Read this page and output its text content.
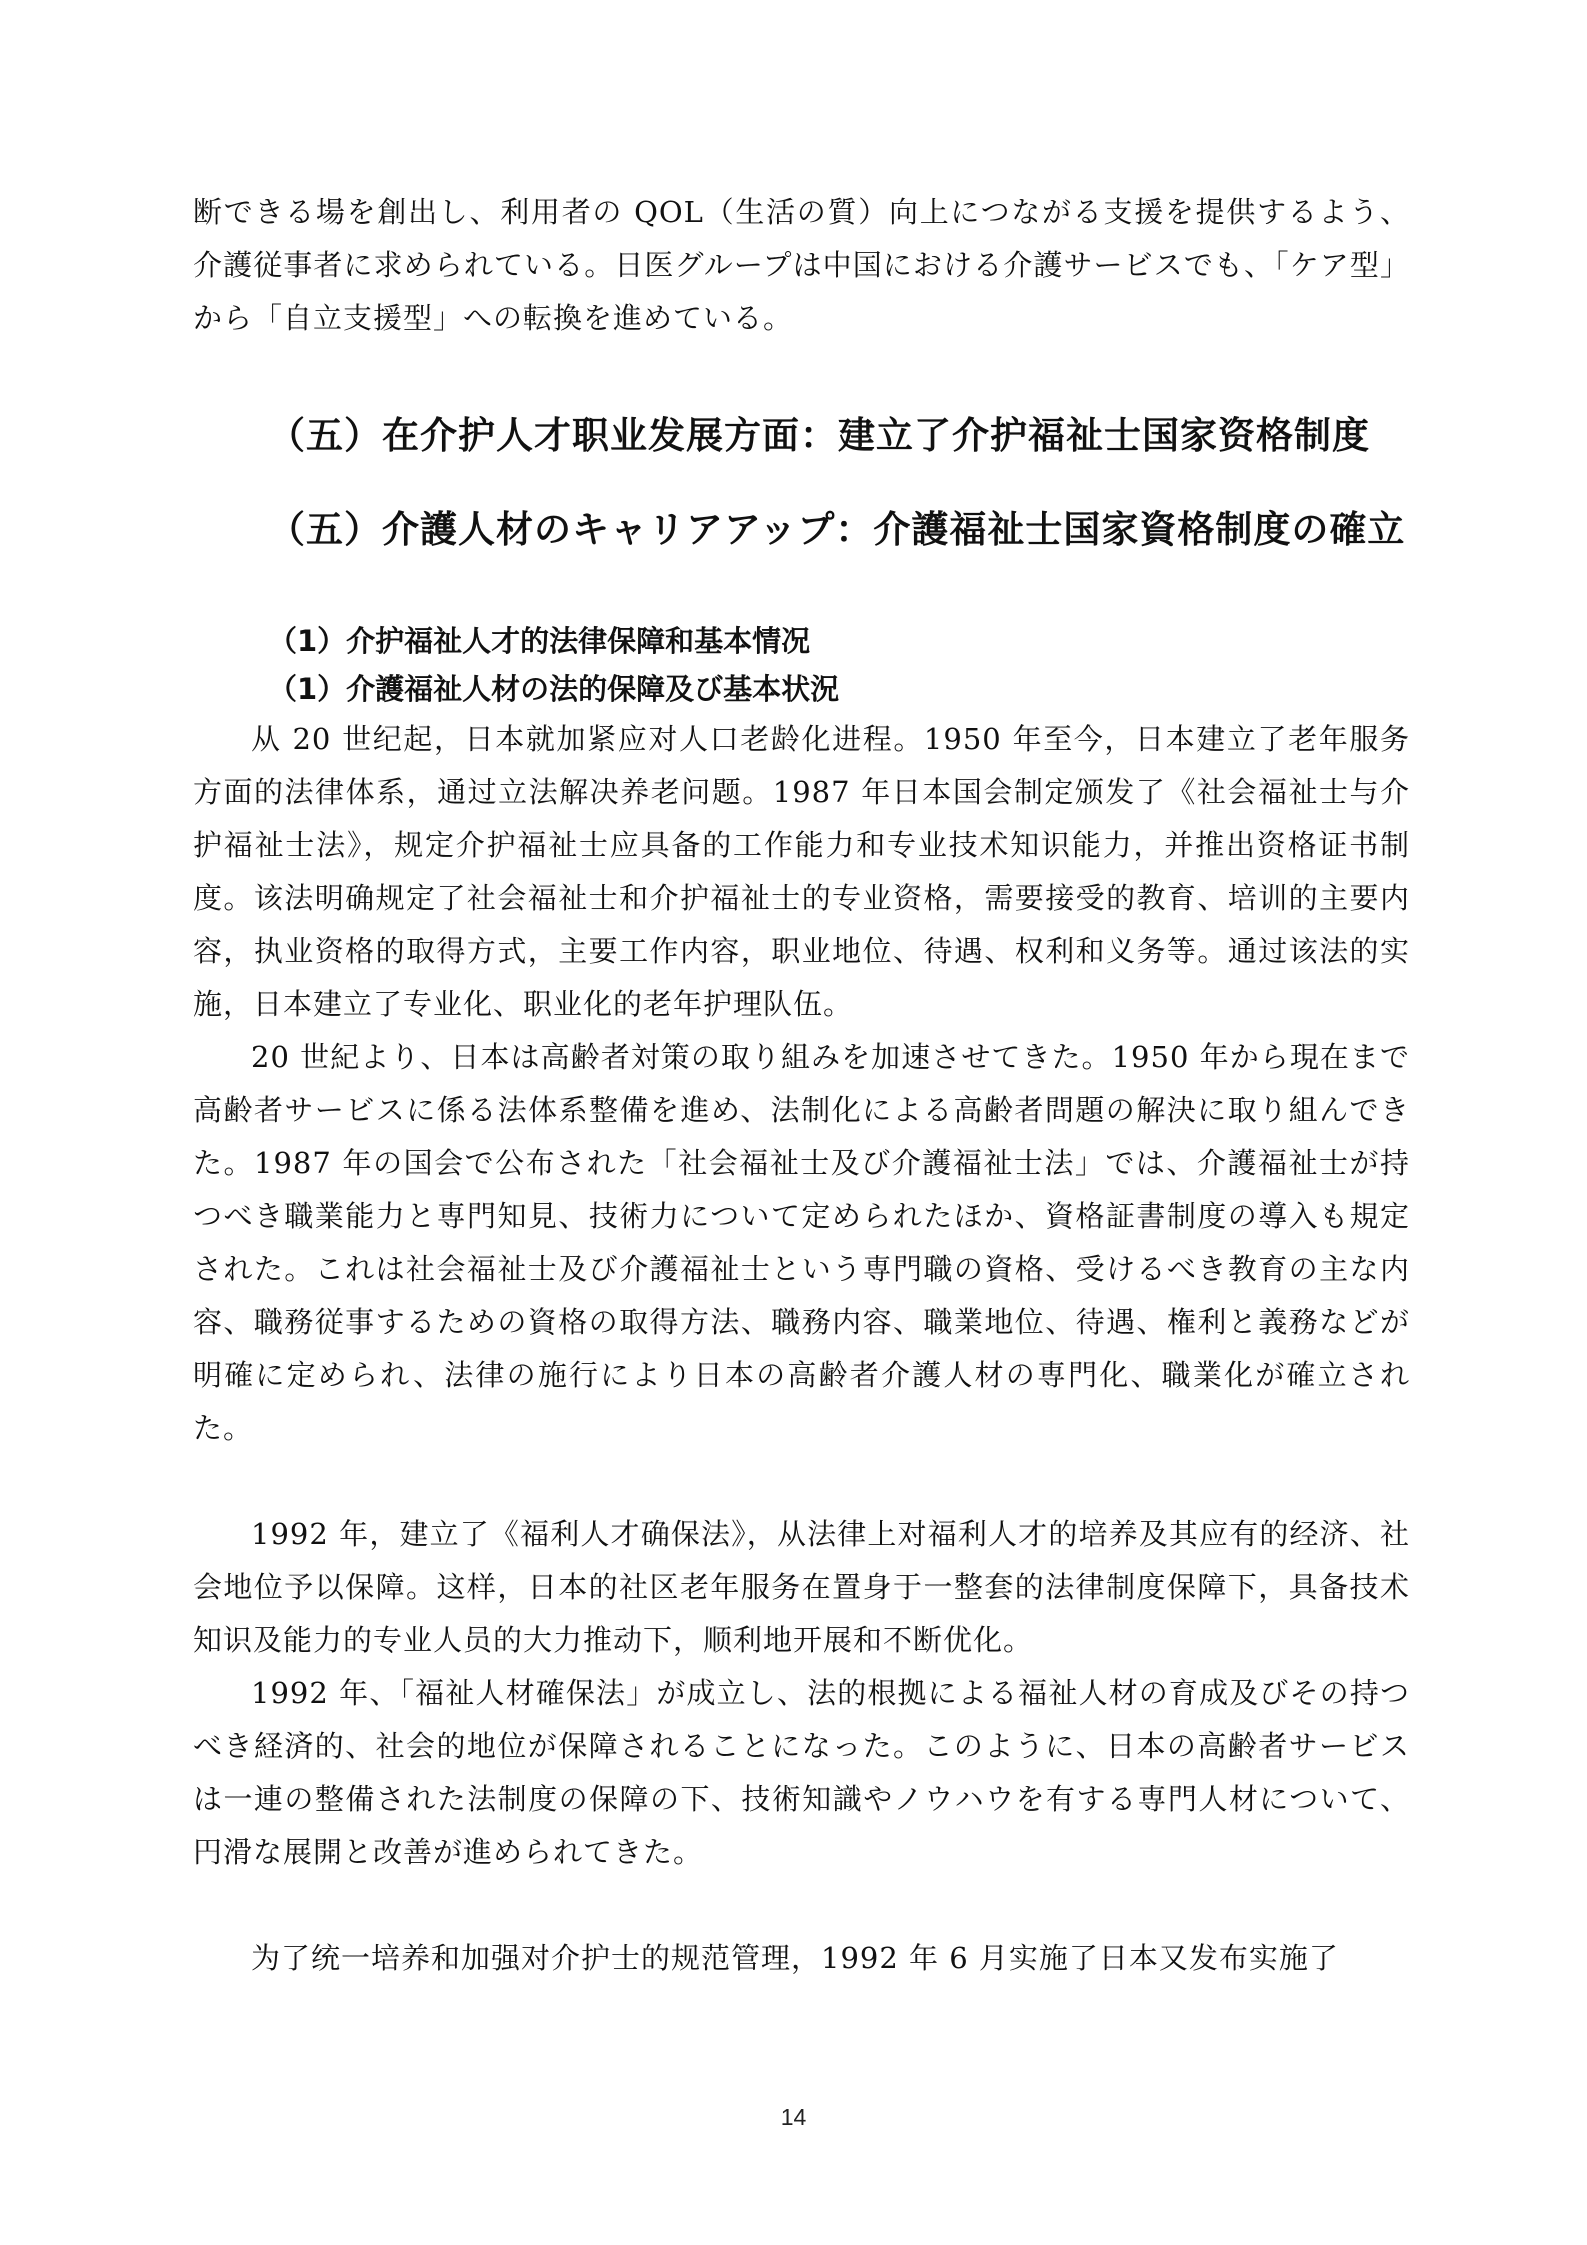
断できる場を創出し、利用者の QOL（生活の質）向上につながる支援を提供するよう、介護従事者に求められている。日医グループは中国における介護サービスでも、「ケア型」から「自立支援型」への転換を進めている。

（五）在介护人才职业发展方面：建立了介护福祉士国家资格制度
（五）介護人材のキャリアアップ：介護福祉士国家資格制度の確立
（1）介护福祉人才的法律保障和基本情况
（1）介護福祉人材の法的保障及び基本状況

从 20 世纪起，日本就加紧应对人口老龄化进程。1950 年至今，日本建立了老年服务方面的法律体系，通过立法解决养老问题。1987 年日本国会制定颁发了《社会福祉士与介护福祉士法》，规定介护福祉士应具备的工作能力和专业技术知识能力，并推出资格证书制度。该法明确规定了社会福祉士和介护福祉士的专业资格，需要接受的教育、培训的主要内容，执业资格的取得方式，主要工作内容，职业地位、待遇、权利和义务等。通过该法的实施，日本建立了专业化、职业化的老年护理队伍。

20 世紀より、日本は高齢者対策の取り組みを加速させてきた。1950 年から現在まで高齢者サービスに係る法体系整備を進め、法制化による高齢者問題の解決に取り組んできた。1987 年の国会で公布された「社会福祉士及び介護福祉士法」では、介護福祉士が持つべき職業能力と専門知見、技術力について定められたほか、資格証書制度の導入も規定された。これは社会福祉士及び介護福祉士という専門職の資格、受けるべき教育の主な内容、職務従事するための資格の取得方法、職務内容、職業地位、待遇、権利と義務などが明確に定められ、法律の施行により日本の高齢者介護人材の専門化、職業化が確立された。

1992 年，建立了《福利人才确保法》，从法律上对福利人才的培养及其应有的经济、社会地位予以保障。这样，日本的社区老年服务在置身于一整套的法律制度保障下，具备技术知识及能力的专业人员的大力推动下，顺利地开展和不断优化。

1992 年、「福祉人材確保法」が成立し、法的根拠による福祉人材の育成及びその持つべき経済的、社会的地位が保障されることになった。このように、日本の高齢者サービスは一連の整備された法制度の保障の下、技術知識やノウハウを有する専門人材について、円滑な展開と改善が進められてきた。

为了统一培养和加强对介护士的规范管理，1992 年 6 月实施了日本又发布实施了

14
